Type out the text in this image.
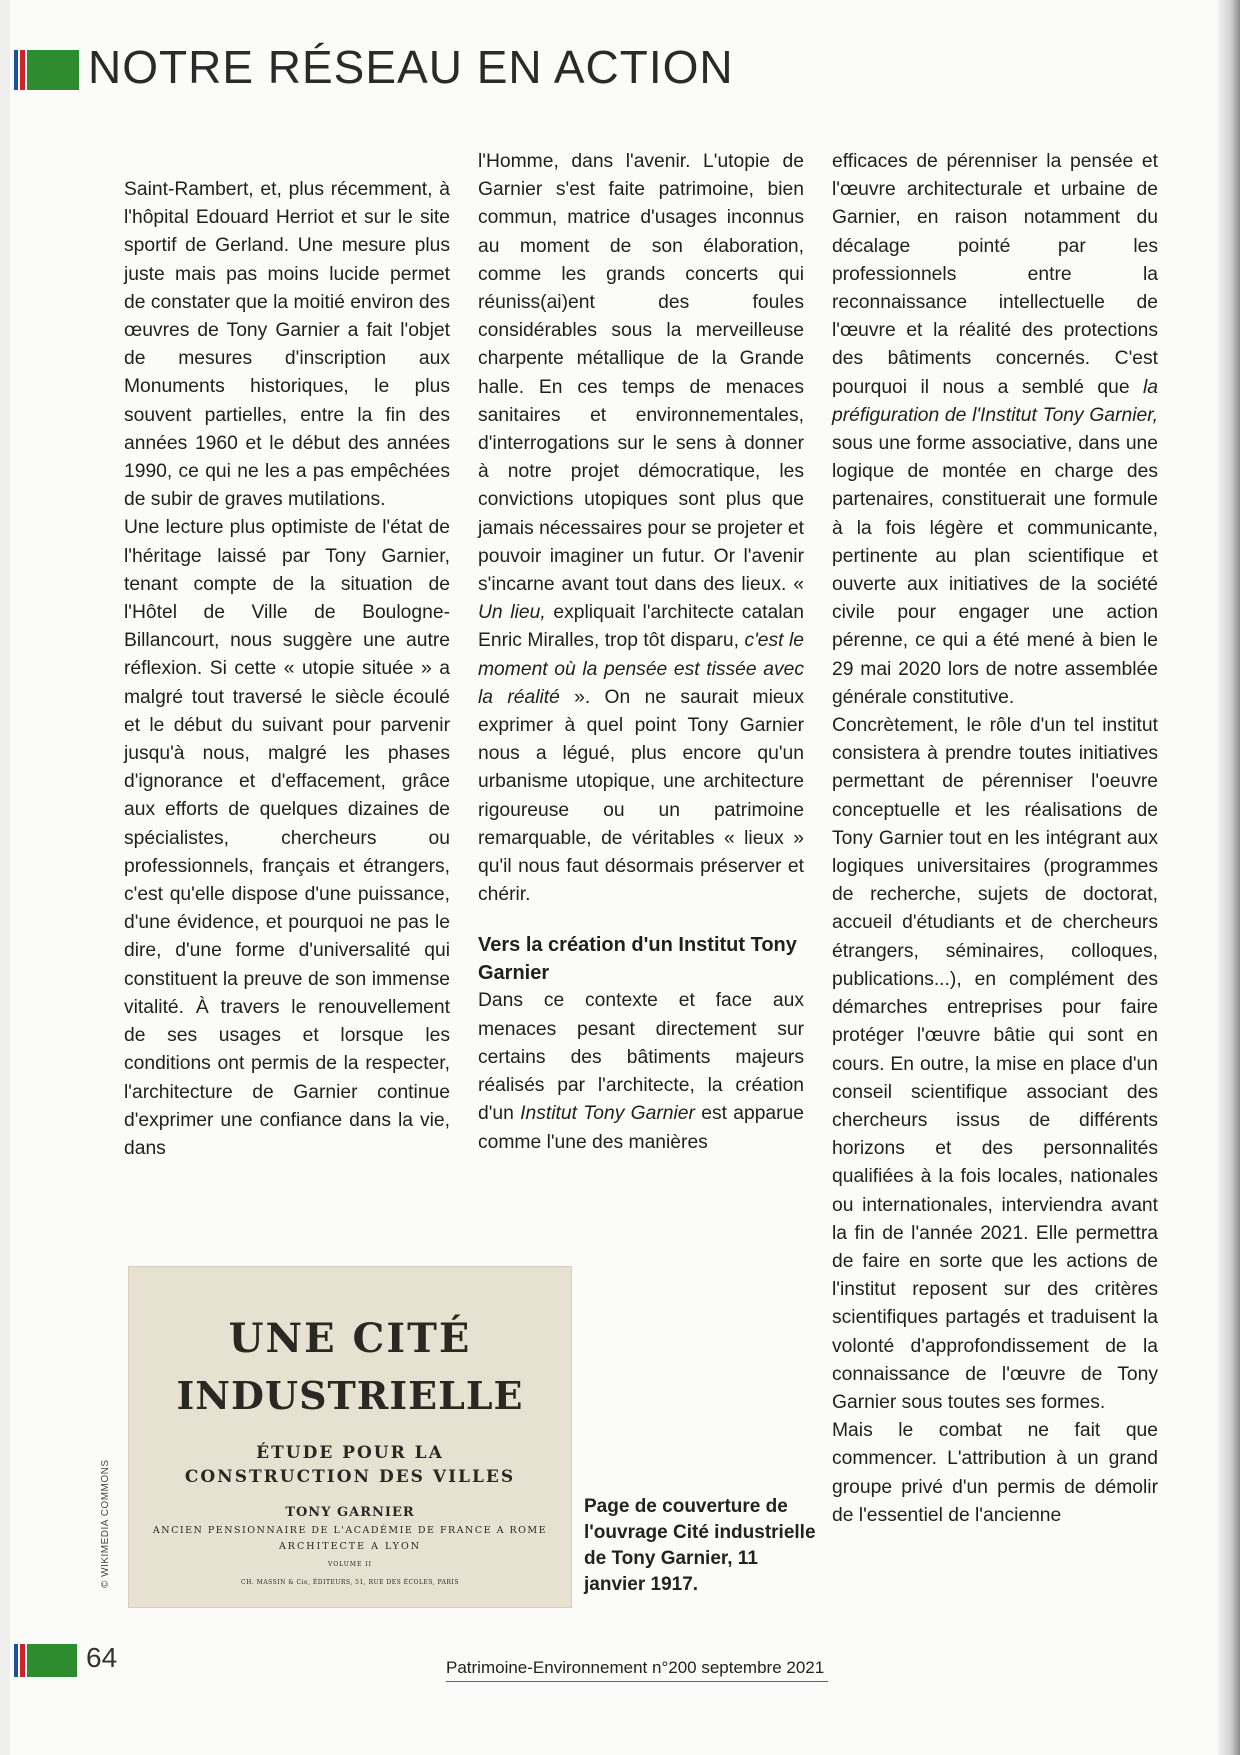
NOTRE RÉSEAU EN ACTION

Saint-Rambert, et, plus récemment, à l'hôpital Edouard Herriot et sur le site sportif de Gerland. Une mesure plus juste mais pas moins lucide permet de constater que la moitié environ des œuvres de Tony Garnier a fait l'objet de mesures d'inscription aux Monuments historiques, le plus souvent partielles, entre la fin des années 1960 et le début des années 1990, ce qui ne les a pas empêchées de subir de graves mutilations.

Une lecture plus optimiste de l'état de l'héritage laissé par Tony Garnier, tenant compte de la situation de l'Hôtel de Ville de Boulogne-Billancourt, nous suggère une autre réflexion. Si cette « utopie située » a malgré tout traversé le siècle écoulé et le début du suivant pour parvenir jusqu'à nous, malgré les phases d'ignorance et d'effacement, grâce aux efforts de quelques dizaines de spécialistes, chercheurs ou professionnels, français et étrangers, c'est qu'elle dispose d'une puissance, d'une évidence, et pourquoi ne pas le dire, d'une forme d'universalité qui constituent la preuve de son immense vitalité. À travers le renouvellement de ses usages et lorsque les conditions ont permis de la respecter, l'architecture de Garnier continue d'exprimer une confiance dans la vie, dans

l'Homme, dans l'avenir. L'utopie de Garnier s'est faite patrimoine, bien commun, matrice d'usages inconnus au moment de son élaboration, comme les grands concerts qui réuniss(ai)ent des foules considérables sous la merveilleuse charpente métallique de la Grande halle. En ces temps de menaces sanitaires et environnementales, d'interrogations sur le sens à donner à notre projet démocratique, les convictions utopiques sont plus que jamais nécessaires pour se projeter et pouvoir imaginer un futur. Or l'avenir s'incarne avant tout dans des lieux. « Un lieu, expliquait l'architecte catalan Enric Miralles, trop tôt disparu, c'est le moment où la pensée est tissée avec la réalité ». On ne saurait mieux exprimer à quel point Tony Garnier nous a légué, plus encore qu'un urbanisme utopique, une architecture rigoureuse ou un patrimoine remarquable, de véritables « lieux » qu'il nous faut désormais préserver et chérir.

Vers la création d'un Institut Tony Garnier

Dans ce contexte et face aux menaces pesant directement sur certains des bâtiments majeurs réalisés par l'architecte, la création d'un Institut Tony Garnier est apparue comme l'une des manières

efficaces de pérenniser la pensée et l'œuvre architecturale et urbaine de Garnier, en raison notamment du décalage pointé par les professionnels entre la reconnaissance intellectuelle de l'œuvre et la réalité des protections des bâtiments concernés. C'est pourquoi il nous a semblé que la préfiguration de l'Institut Tony Garnier, sous une forme associative, dans une logique de montée en charge des partenaires, constituerait une formule à la fois légère et communicante, pertinente au plan scientifique et ouverte aux initiatives de la société civile pour engager une action pérenne, ce qui a été mené à bien le 29 mai 2020 lors de notre assemblée générale constitutive.

Concrètement, le rôle d'un tel institut consistera à prendre toutes initiatives permettant de pérenniser l'oeuvre conceptuelle et les réalisations de Tony Garnier tout en les intégrant aux logiques universitaires (programmes de recherche, sujets de doctorat, accueil d'étudiants et de chercheurs étrangers, séminaires, colloques, publications...), en complément des démarches entreprises pour faire protéger l'œuvre bâtie qui sont en cours. En outre, la mise en place d'un conseil scientifique associant des chercheurs issus de différents horizons et des personnalités qualifiées à la fois locales, nationales ou internationales, interviendra avant la fin de l'année 2021. Elle permettra de faire en sorte que les actions de l'institut reposent sur des critères scientifiques partagés et traduisent la volonté d'approfondissement de la connaissance de l'œuvre de Tony Garnier sous toutes ses formes.

Mais le combat ne fait que commencer. L'attribution à un grand groupe privé d'un permis de démolir de l'essentiel de l'ancienne

UNE CITÉ
INDUSTRIELLE
ÉTUDE POUR LA
CONSTRUCTION DES VILLES
TONY GARNIER
ANCIEN PENSIONNAIRE DE L'ACADÉMIE DE FRANCE A ROME
ARCHITECTE A LYON
VOLUME II
CH. MASSIN & Cie, ÉDITEURS, 51, RUE DES ÉCOLES, PARIS
© WIKIMEDIA COMMONS	Page de couverture de l'ouvrage Cité industrielle de Tony Garnier, 11 janvier 1917.
64	Patrimoine-Environnement n°200 septembre 2021
